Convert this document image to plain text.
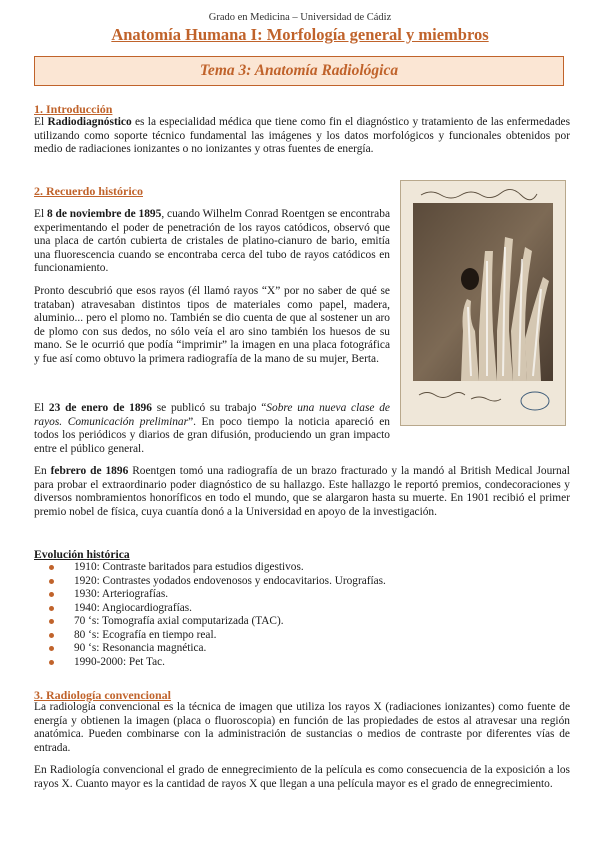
Grado en Medicina – Universidad de Cádiz
Anatomía Humana I: Morfología general y miembros
Tema 3: Anatomía Radiológica
1. Introducción
El Radiodiagnóstico es la especialidad médica que tiene como fin el diagnóstico y tratamiento de las enfermedades utilizando como soporte técnico fundamental las imágenes y los datos morfológicos y funcionales obtenidos por medio de radiaciones ionizantes o no ionizantes y otras fuentes de energía.
2. Recuerdo histórico
El 8 de noviembre de 1895, cuando Wilhelm Conrad Roentgen se encontraba experimentando el poder de penetración de los rayos catódicos, observó que una placa de cartón cubierta de cristales de platino-cianuro de bario, emitía una fluorescencia cuando se encontraba cerca del tubo de rayos catódicos en funcionamiento.
Pronto descubrió que esos rayos (él llamó rayos “X” por no saber de qué se trataban) atravesaban distintos tipos de materiales como papel, madera, aluminio... pero el plomo no. También se dio cuenta de que al sostener un aro de plomo con sus dedos, no sólo veía el aro sino también los huesos de su mano. Se le ocurrió que podía “imprimir” la imagen en una placa fotográfica y fue así como obtuvo la primera radiografía de la mano de su mujer, Berta.
El 23 de enero de 1896 se publicó su trabajo “Sobre una nueva clase de rayos. Comunicación preliminar”. En poco tiempo la noticia apareció en todos los periódicos y diarios de gran difusión, produciendo un gran impacto entre el público general.
En febrero de 1896 Roentgen tomó una radiografía de un brazo fracturado y la mandó al British Medical Journal para probar el extraordinario poder diagnóstico de su hallazgo. Este hallazgo le reportó premios, condecoraciones y diversos nombramientos honoríficos en todo el mundo, que se alargaron hasta su muerte. En 1901 recibió el primer premio nobel de física, cuya cuantía donó a la Universidad en apoyo de la investigación.
Evolución histórica
1910: Contraste baritados para estudios digestivos.
1920: Contrastes yodados endovenosos y endocavitarios. Urografías.
1930: Arteriografías.
1940: Angiocardiografías.
70 ‘s: Tomografía axial computarizada (TAC).
80 ‘s: Ecografía en tiempo real.
90 ‘s: Resonancia magnética.
1990-2000: Pet Tac.
3. Radiología convencional
La radiología convencional es la técnica de imagen que utiliza los rayos X (radiaciones ionizantes) como fuente de energía y obtienen la imagen (placa o fluoroscopia) en función de las propiedades de estos al atravesar una región anatómica. Pueden combinarse con la administración de sustancias o medios de contraste por diferentes vías de entrada.
En Radiología convencional el grado de ennegrecimiento de la película es como consecuencia de la exposición a los rayos X. Cuanto mayor es la cantidad de rayos X que llegan a una película mayor es el grado de ennegrecimiento.
